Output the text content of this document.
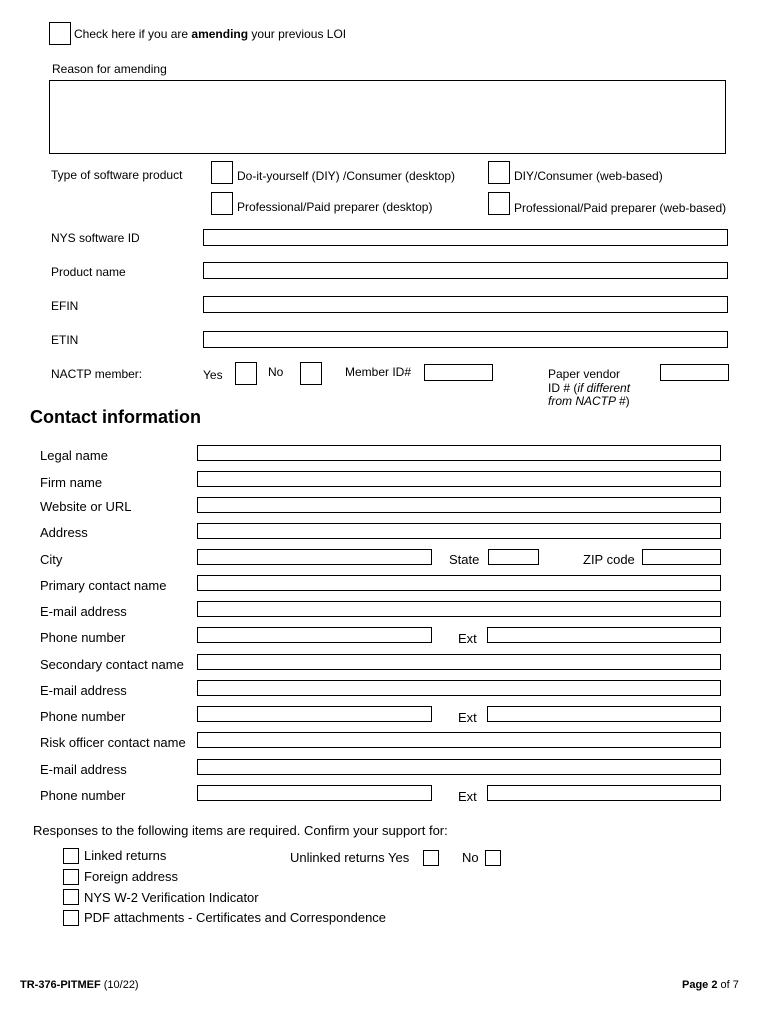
Check here if you are amending your previous LOI
Reason for amending
Type of software product	Do-it-yourself (DIY) /Consumer (desktop)	DIY/Consumer (web-based)
Professional/Paid preparer (desktop)	Professional/Paid preparer (web-based)
NYS software ID
Product name
EFIN
ETIN
NACTP member:	Yes	No	Member ID#	Paper vendor
ID # (if different
from NACTP #)
Contact information
Legal name
Firm name
Website or URL
Address
City	State	ZIP code
Primary contact name
E-mail address
Phone number	Ext
Secondary contact name
E-mail address
Phone number	Ext
Risk officer contact name
E-mail address
Phone number	Ext
Responses to the following items are required. Confirm your support for:
Linked returns	Unlinked returns Yes	No
Foreign address
NYS W-2 Verification Indicator
PDF attachments - Certificates and Correspondence
TR-376-PITMEF (10/22)	Page 2 of 7
